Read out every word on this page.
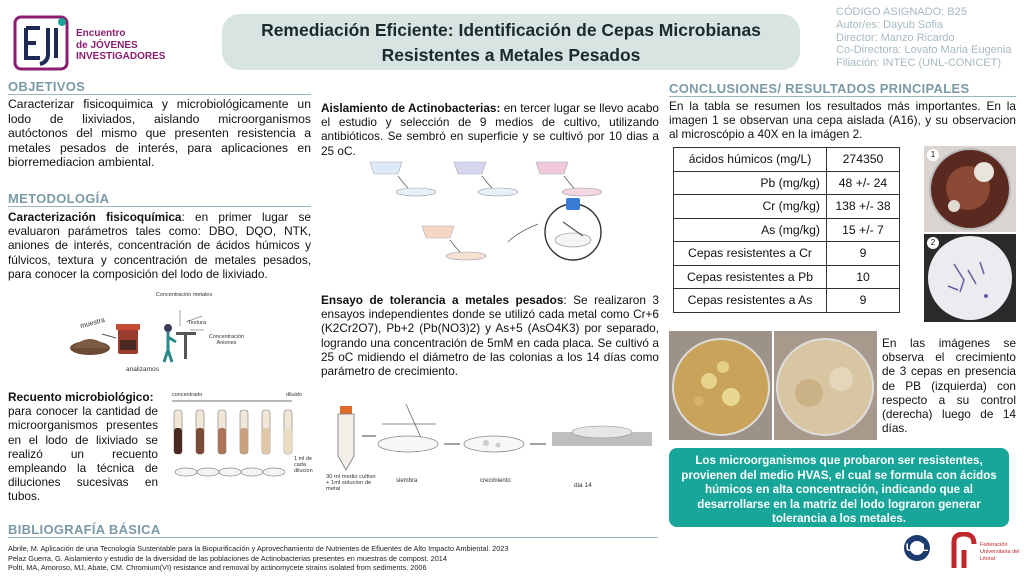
Encuentro
de JÓVENES
INVESTIGADORES
Remediación Eficiente: Identificación de Cepas Microbianas
Resistentes a Metales Pesados
CÓDIGO ASIGNADO: B25
Autor/es: Dayub Sofia
Director: Manzo Ricardo
Co-Directora: Lovato Maria Eugenia
Filiación: INTEC (UNL-CONICET)
OBJETIVOS
Caracterizar fisicoquimica y microbiológicamente un lodo de lixiviados, aislando microorganismos autóctonos del mismo que presenten resistencia a metales pesados de interés, para aplicaciones en biorremediacion ambiental.
METODOLOGÍA
Caracterización fisicoquímica: en primer lugar se evaluaron parámetros tales como: DBO, DQO, NTK, aniones de interés, concentración de ácidos húmicos y fúlvicos, textura y concentración de metales pesados, para conocer la composición del lodo de lixiviado.
muestra
Concentración metales
Textura
Concentración Aniones
analizamos
Recuento microbiológico:
para conocer la cantidad de microorganismos presentes en el lodo de lixiviado se realizó un recuento empleando la técnica de diluciones sucesivas en tubos.
concentrado	diluido
1 ml de cada dilucion
Aislamiento de Actinobacterias: en tercer lugar se llevo acabo el estudio y selección de 9 medios de cultivo, utilizando antibióticos. Se sembró en superficie y se cultivó por 10 dias a 25 oC.
Ensayo de tolerancia a metales pesados: Se realizaron 3 ensayos independientes donde se utilizó cada metal como Cr+6 (K2Cr2O7), Pb+2 (Pb(NO3)2) y As+5 (AsO4K3) por separado, logrando una concentración de 5mM en cada placa. Se cultivó a 25 oC midiendo el diámetro de las colonias a los 14 días como parámetro de crecimiento.
30 ml medio cultivo + 1ml solucion de metal
siembra	crecimiento
dia 14
CONCLUSIONES/ RESULTADOS PRINCIPALES
En la tabla se resumen los resultados más importantes. En la imagen 1 se observan una cepa aislada (A16), y su observacion al microscópio a 40X en la imágen 2.
ácidos húmicos (mg/L)	274350
Pb (mg/kg)	48 +/- 24
Cr (mg/kg)	138 +/- 38
As (mg/kg)	15 +/- 7
Cepas resistentes a Cr	9
Cepas resistentes a Pb	10
Cepas resistentes a As	9
1
2
En las imágenes se observa el crecimiento de 3 cepas en presencia de PB (izquierda) con respecto a su control (derecha) luego de 14 días.
Los microorganismos que probaron ser resistentes, provienen del medio HVAS, el cual se formula con ácidos húmicos en alta concentración, indicando que al desarrollarse en la matriz del lodo lograron generar tolerancia a los metales.
BIBLIOGRAFÍA BÁSICA
Abrile, M. Aplicación de una Tecnología Sustentable para la Biopurificación y Aprovechamiento de Nutrientes de Efluentes de Alto Impacto Ambiental. 2023
Pelaz Guerra, G. Aislamiento y estudio de la diversidad de las poblaciones de Actinobacterias presentes en muestras de compost. 2014
Polti, MA, Amoroso, MJ, Abate, CM. Chromium(VI) resistance and removal by actinomycete strains isolated from sediments. 2006
UNL	Federación Universitaria del Litoral
